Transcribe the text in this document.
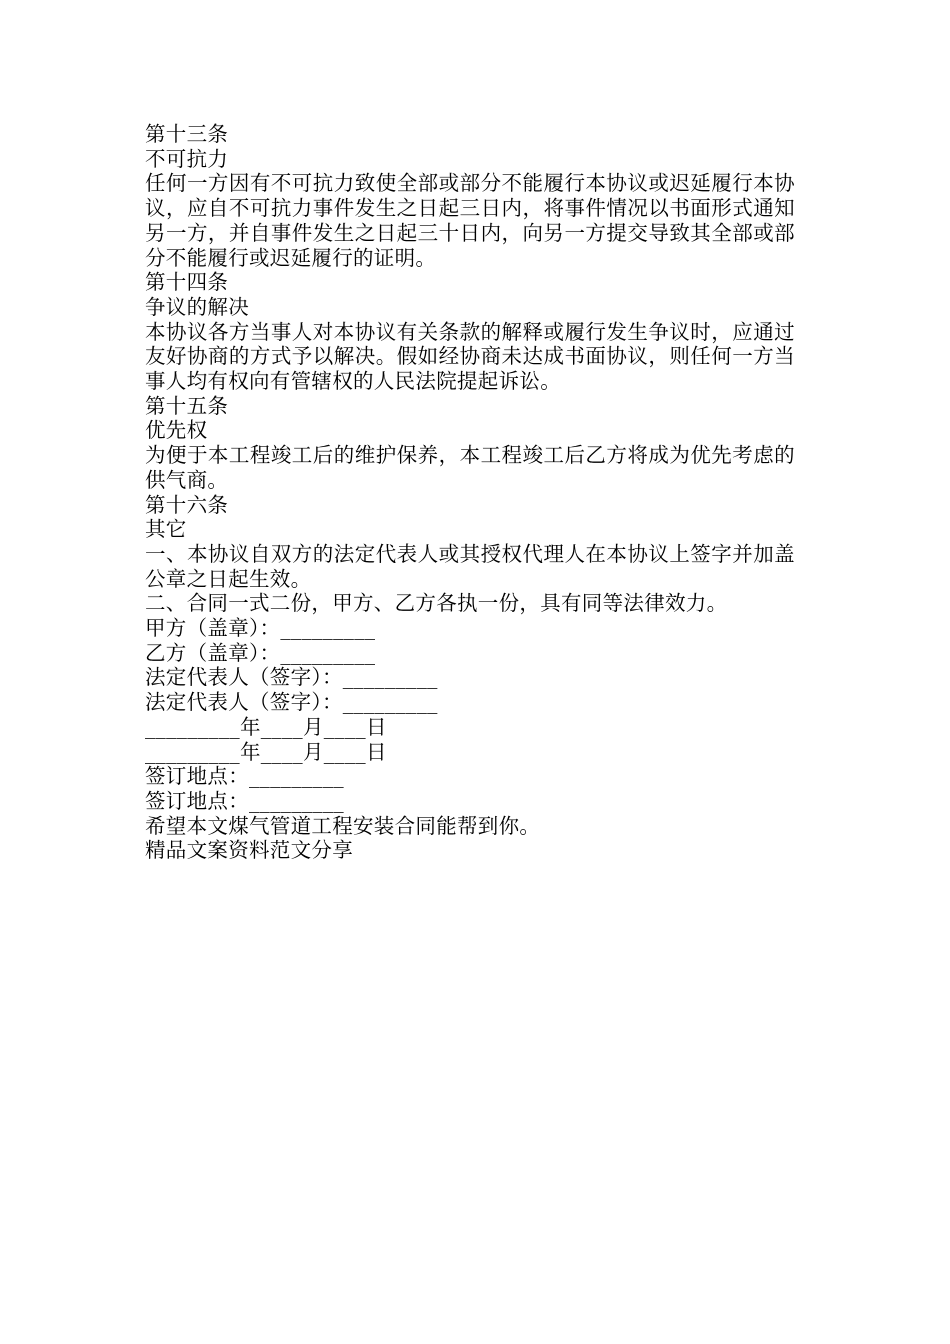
第十三条
不可抗力
任何一方因有不可抗力致使全部或部分不能履行本协议或迟延履行本协议，应自不可抗力事件发生之日起三日内，将事件情况以书面形式通知另一方，并自事件发生之日起三十日内，向另一方提交导致其全部或部分不能履行或迟延履行的证明。
第十四条
争议的解决
本协议各方当事人对本协议有关条款的解释或履行发生争议时，应通过友好协商的方式予以解决。假如经协商未达成书面协议，则任何一方当事人均有权向有管辖权的人民法院提起诉讼。
第十五条
优先权
为便于本工程竣工后的维护保养，本工程竣工后乙方将成为优先考虑的供气商。
第十六条
其它
一、本协议自双方的法定代表人或其授权代理人在本协议上签字并加盖公章之日起生效。
二、合同一式二份，甲方、乙方各执一份，具有同等法律效力。
甲方（盖章）：_________
乙方（盖章）：_________
法定代表人（签字）：_________
法定代表人（签字）：_________
_________年____月____日
_________年____月____日
签订地点：_________
签订地点：_________
希望本文煤气管道工程安装合同能帮到你。
精品文案资料范文分享
